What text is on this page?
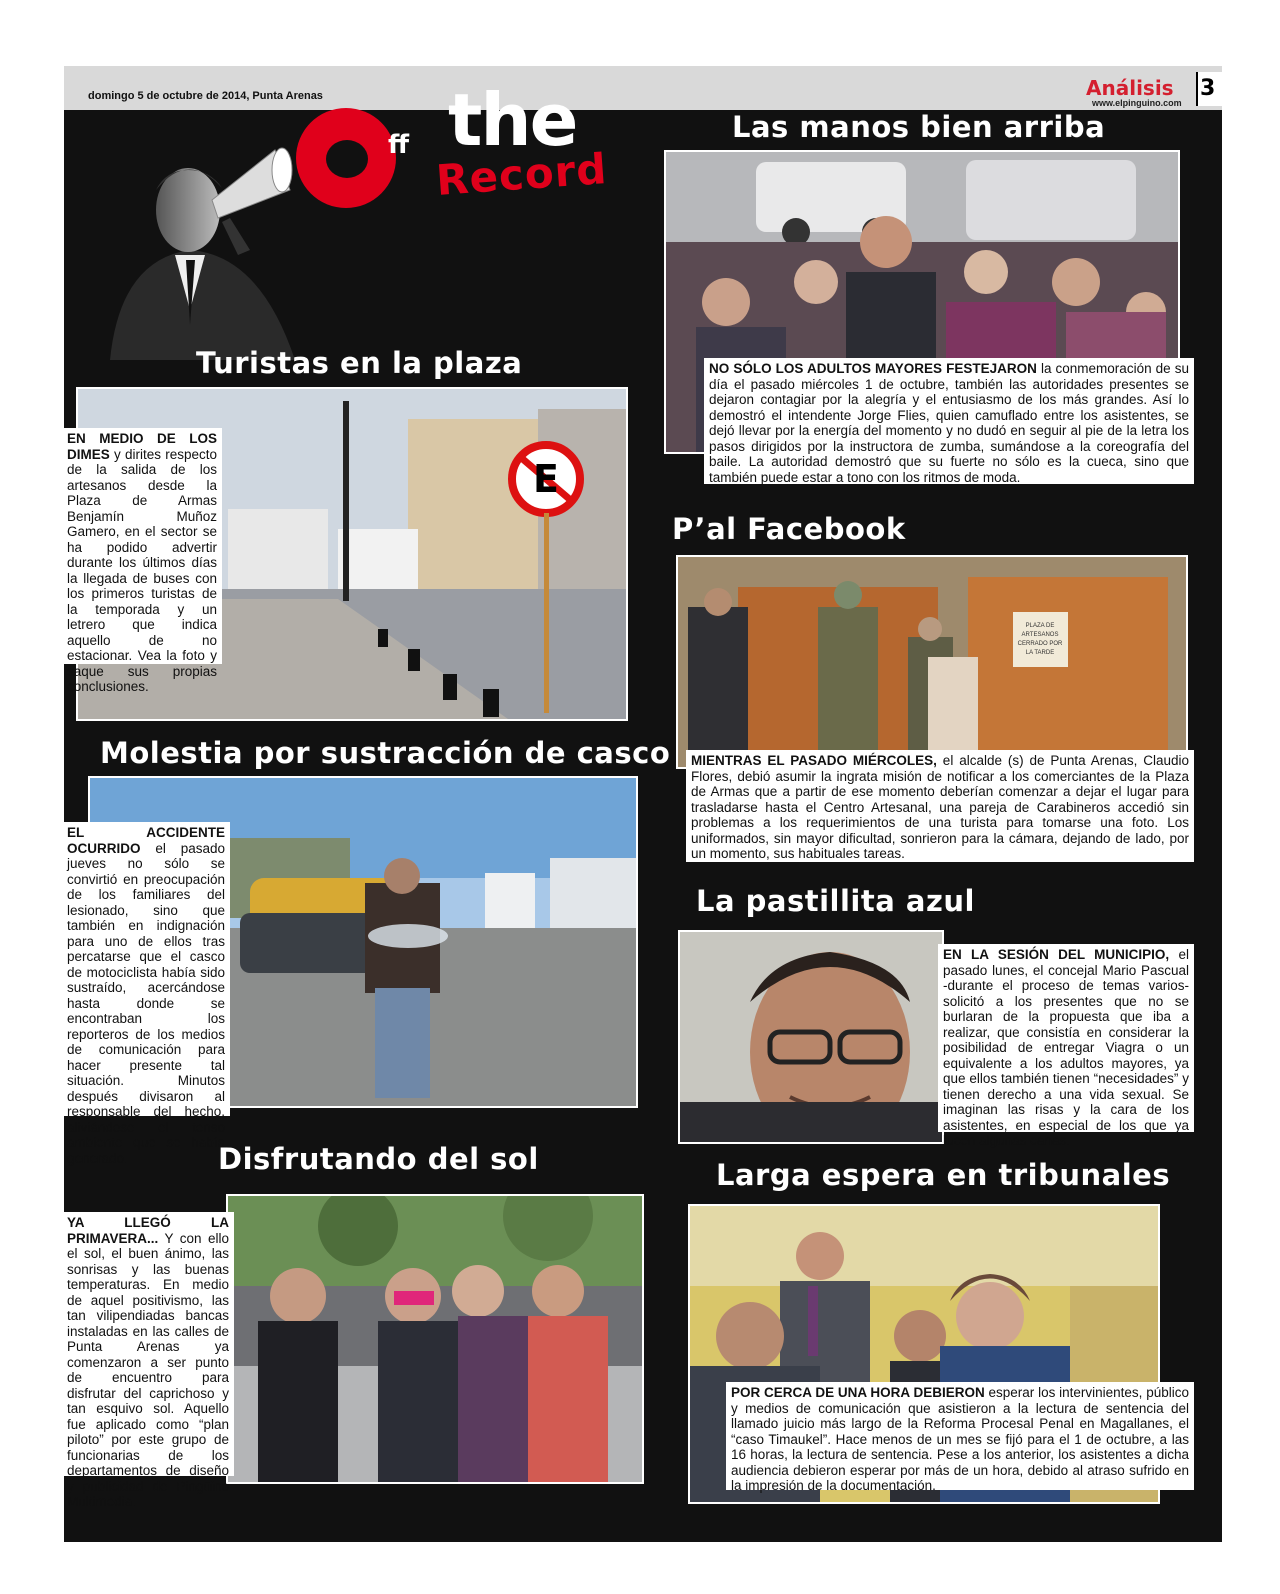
domingo 5 de octubre de 2014, Punta Arenas	Análisis
www.elpinguino.com
3
ff the
Record
Las manos bien arriba
NO SÓLO LOS ADULTOS MAYORES FESTEJARON la conmemoración de su día el pasado miércoles 1 de octubre, también las autoridades presentes se dejaron contagiar por la alegría y el entusiasmo de los más grandes. Así lo demostró el intendente Jorge Flies, quien camuflado entre los asistentes, se dejó llevar por la energía del momento y no dudó en seguir al pie de la letra los pasos dirigidos por la instructora de zumba, sumándose a la coreografía del baile. La autoridad demostró que su fuerte no sólo es la cueca, sino que también puede estar a tono con los ritmos de moda.
Turistas en la plaza
E
EN MEDIO DE LOS DIMES y dirites respecto de la salida de los artesanos desde la Plaza de Armas Benjamín Muñoz Gamero, en el sector se ha podido advertir durante los últimos días la llegada de buses con los primeros turistas de la temporada y un letrero que indica aquello de no estacionar. Vea la foto y saque sus propias conclusiones.
P’al Facebook
PLAZA DE
ARTESANOS
CERRADO POR
LA TARDE
MIENTRAS EL PASADO MIÉRCOLES, el alcalde (s) de Punta Arenas, Claudio Flores, debió asumir la ingrata misión de notificar a los comerciantes de la Plaza de Armas que a partir de ese momento deberían comenzar a dejar el lugar para trasladarse hasta el Centro Artesanal, una pareja de Carabineros accedió sin problemas a los requerimientos de una turista para tomarse una foto. Los uniformados, sin mayor dificultad, sonrieron para la cámara, dejando de lado, por un momento, sus habituales tareas.
Molestia por sustracción de casco
EL ACCIDENTE OCURRIDO el pasado jueves no sólo se convirtió en preocupación de los familiares del lesionado, sino que también en indignación para uno de ellos tras percatarse que el casco de motociclista había sido sustraído, acercándose hasta donde se encontraban los reporteros de los medios de comunicación para hacer presente tal situación. Minutos después divisaron al responsable del hecho, aliviándose el tenso ambiente que se había generado.
La pastillita azul
EN LA SESIÓN DEL MUNICIPIO, el pasado lunes, el concejal Mario Pascual -durante el proceso de temas varios- solicitó a los presentes que no se burlaran de la propuesta que iba a realizar, que consistía en considerar la posibilidad de entregar Viagra o un equivalente a los adultos mayores, ya que ellos también tienen “necesidades” y tienen derecho a una vida sexual. Se imaginan las risas y la cara de los asistentes, en especial de los que ya lucen algunas canas.
Disfrutando del sol
YA LLEGÓ LA PRIMAVERA... Y con ello el sol, el buen ánimo, las sonrisas y las buenas temperaturas. En medio de aquel positivismo, las tan vilipendiadas bancas instaladas en las calles de Punta Arenas ya comenzaron a ser punto de encuentro para disfrutar del caprichoso y tan esquivo sol. Aquello fue aplicado como “plan piloto” por este grupo de funcionarias de los departamentos de diseño y publicidad de Pingüino Multimedia.
Larga espera en tribunales
POR CERCA DE UNA HORA DEBIERON esperar los intervinientes, público y medios de comunicación que asistieron a la lectura de sentencia del llamado juicio más largo de la Reforma Procesal Penal en Magallanes, el “caso Timaukel”. Hace menos de un mes se fijó para el 1 de octubre, a las 16 horas, la lectura de sentencia. Pese a los anterior, los asistentes a dicha audiencia debieron esperar por más de un hora, debido al atraso sufrido en la impresión de la documentación.
